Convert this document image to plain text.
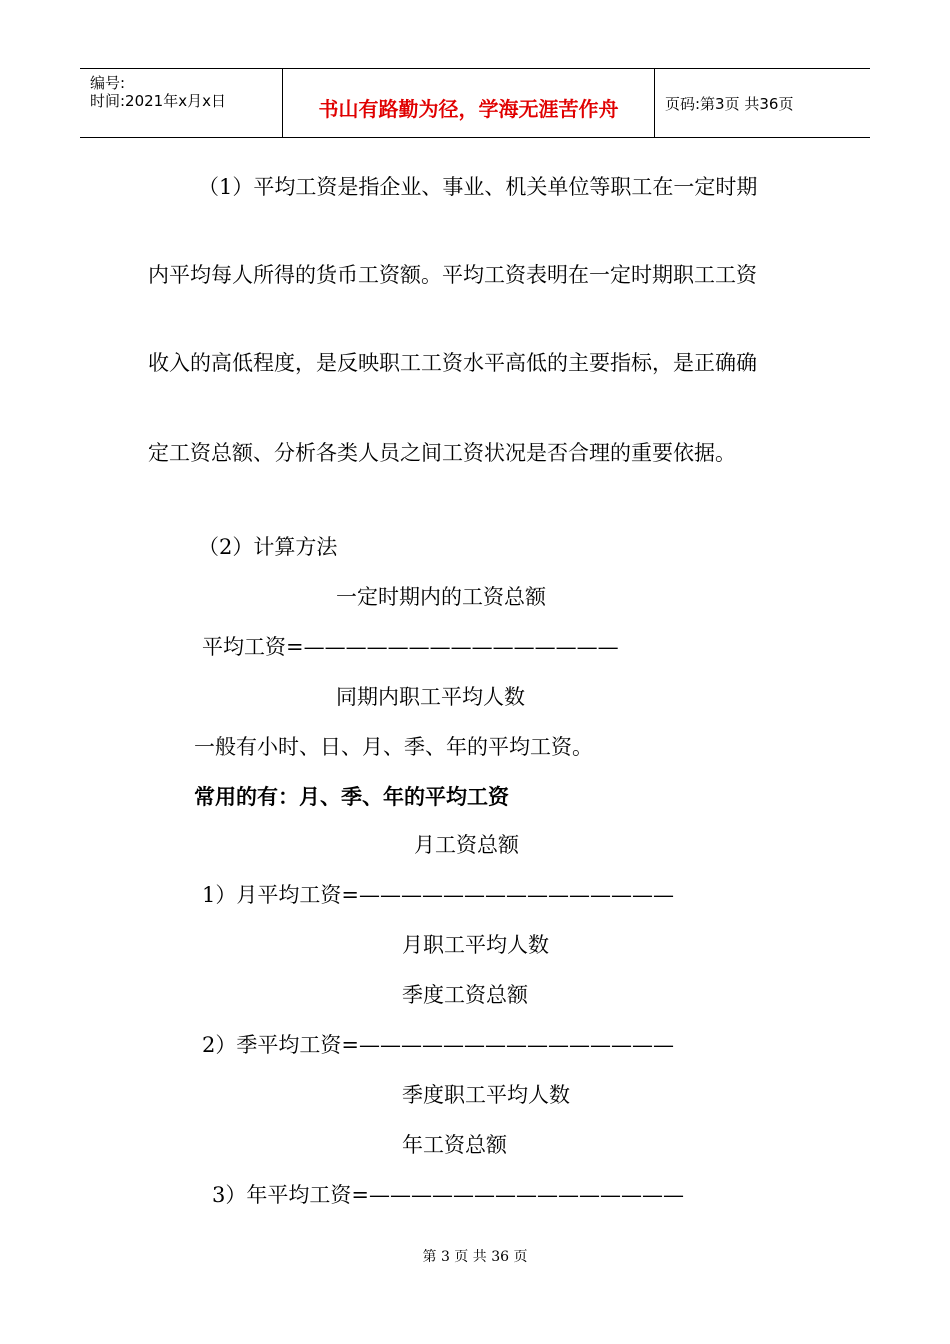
编号:
时间:2021年x月x日	书山有路勤为径，学海无涯苦作舟	页码:第3页 共36页
（1）平均工资是指企业、事业、机关单位等职工在一定时期
内平均每人所得的货币工资额。平均工资表明在一定时期职工工资
收入的高低程度，是反映职工工资水平高低的主要指标，是正确确
定工资总额、分析各类人员之间工资状况是否合理的重要依据。
（2）计算方法
一定时期内的工资总额
平均工资=———————————————
同期内职工平均人数
一般有小时、日、月、季、年的平均工资。
常用的有：月、季、年的平均工资
月工资总额
1）月平均工资=———————————————
月职工平均人数
季度工资总额
2）季平均工资=———————————————
季度职工平均人数
年工资总额
3）年平均工资=———————————————
第 3 页 共 36 页
